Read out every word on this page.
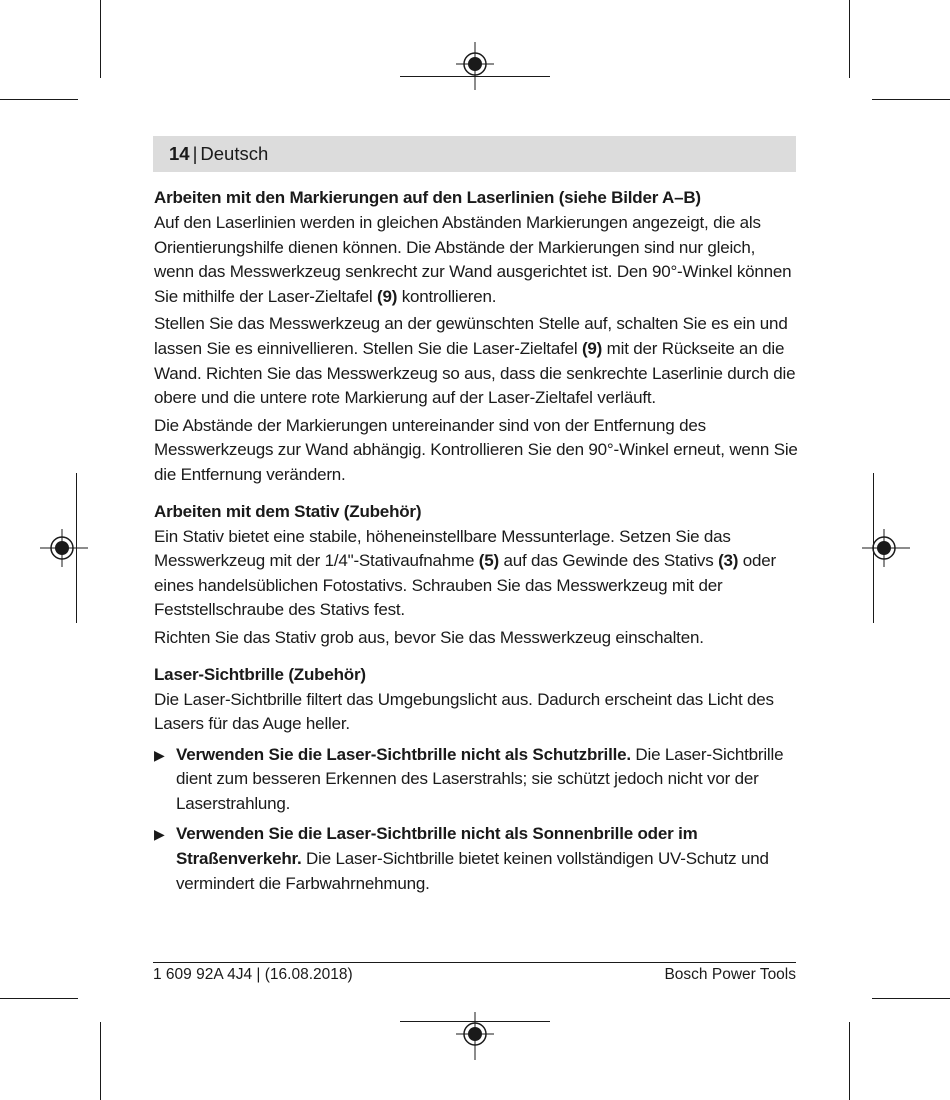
14 | Deutsch
Arbeiten mit den Markierungen auf den Laserlinien (siehe Bilder A–B)

Auf den Laserlinien werden in gleichen Abständen Markierungen angezeigt, die als Orientierungshilfe dienen können. Die Abstände der Markierungen sind nur gleich, wenn das Messwerkzeug senkrecht zur Wand ausgerichtet ist. Den 90°-Winkel können Sie mithilfe der Laser-Zieltafel (9) kontrollieren.

Stellen Sie das Messwerkzeug an der gewünschten Stelle auf, schalten Sie es ein und lassen Sie es einnivellieren. Stellen Sie die Laser-Zieltafel (9) mit der Rückseite an die Wand. Richten Sie das Messwerkzeug so aus, dass die senkrechte Laserlinie durch die obere und die untere rote Markierung auf der Laser-Zieltafel verläuft.

Die Abstände der Markierungen untereinander sind von der Entfernung des Messwerkzeugs zur Wand abhängig. Kontrollieren Sie den 90°-Winkel erneut, wenn Sie die Entfernung verändern.

Arbeiten mit dem Stativ (Zubehör)

Ein Stativ bietet eine stabile, höheneinstellbare Messunterlage. Setzen Sie das Messwerkzeug mit der 1/4"-Stativaufnahme (5) auf das Gewinde des Stativs (3) oder eines handelsüblichen Fotostativs. Schrauben Sie das Messwerkzeug mit der Feststellschraube des Stativs fest.

Richten Sie das Stativ grob aus, bevor Sie das Messwerkzeug einschalten.

Laser-Sichtbrille (Zubehör)

Die Laser-Sichtbrille filtert das Umgebungslicht aus. Dadurch erscheint das Licht des Lasers für das Auge heller.

▶ Verwenden Sie die Laser-Sichtbrille nicht als Schutzbrille. Die Laser-Sichtbrille dient zum besseren Erkennen des Laserstrahls; sie schützt jedoch nicht vor der Laserstrahlung.
▶ Verwenden Sie die Laser-Sichtbrille nicht als Sonnenbrille oder im Straßenverkehr. Die Laser-Sichtbrille bietet keinen vollständigen UV-Schutz und vermindert die Farbwahrnehmung.
1 609 92A 4J4 | (16.08.2018)	Bosch Power Tools
